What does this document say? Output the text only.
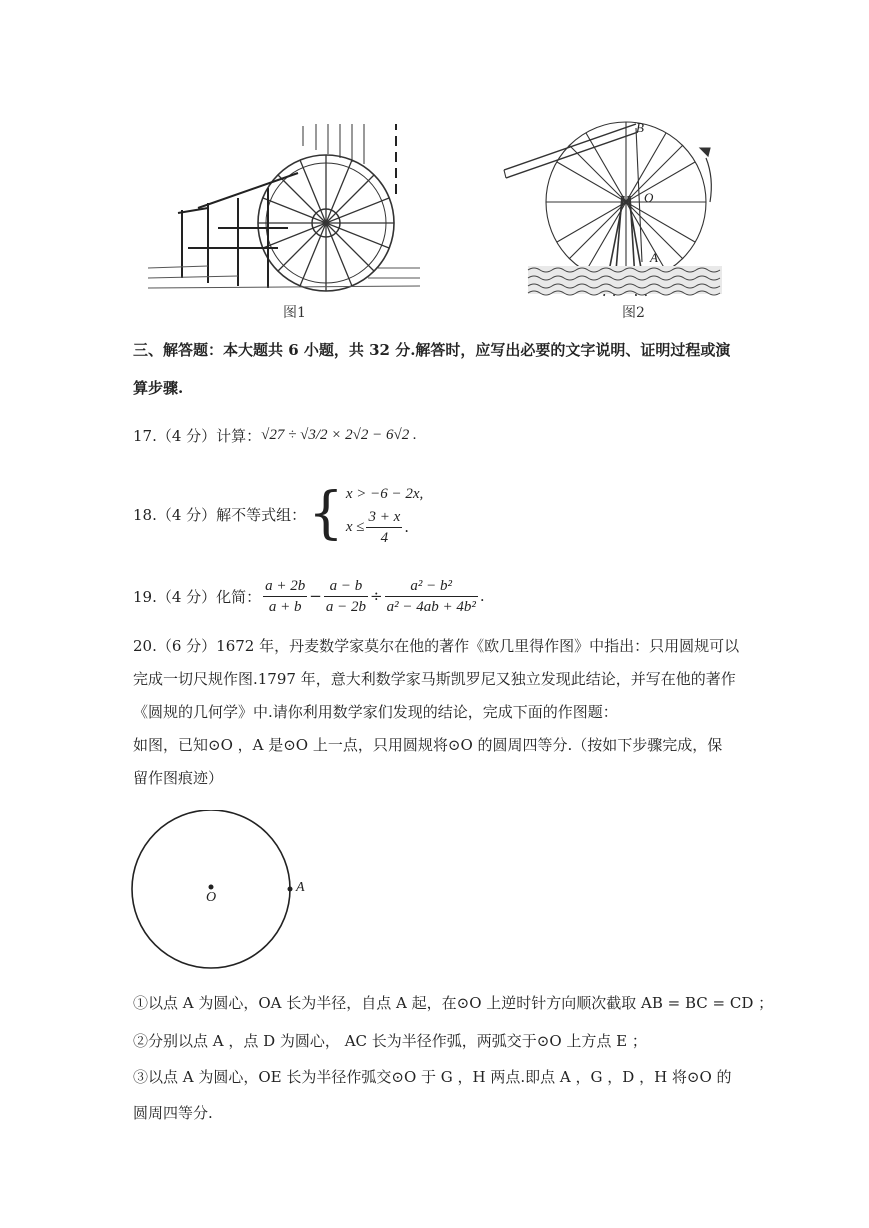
图1
B
O
A
图2
三、解答题：本大题共 6 小题，共 32 分.解答时，应写出必要的文字说明、证明过程或演
算步骤.
17.（4 分）计算： √27 ÷ √3/2 × 2√2 − 6√2 .
18.（4 分）解不等式组： { x > −6 − 2x,
$x \le \frac{3 + x}{4}$ .
19.（4 分）化简： $\frac{a + 2b}{a + b} - \frac{a - b}{a - 2b} \div \frac{\text{a² − b²}}{\text{a² − 4ab + 4b²}}$ .
20.（6 分）1672 年，丹麦数学家莫尔在他的著作《欧几里得作图》中指出：只用圆规可以
完成一切尺规作图.1797 年，意大利数学家马斯凯罗尼又独立发现此结论，并写在他的著作
《圆规的几何学》中.请你利用数学家们发现的结论，完成下面的作图题：
如图，已知⊙O ，A 是⊙O 上一点，只用圆规将⊙O 的圆周四等分.（按如下步骤完成，保
留作图痕迹）
O
A
①以点 A 为圆心，OA 长为半径，自点 A 起，在⊙O 上逆时针方向顺次截取 AB = BC = CD ；
②分别以点 A ，点 D 为圆心， AC 长为半径作弧，两弧交于⊙O 上方点 E ；
③以点 A 为圆心，OE 长为半径作弧交⊙O 于 G ，H 两点.即点 A ，G ，D ，H 将⊙O 的
圆周四等分.
